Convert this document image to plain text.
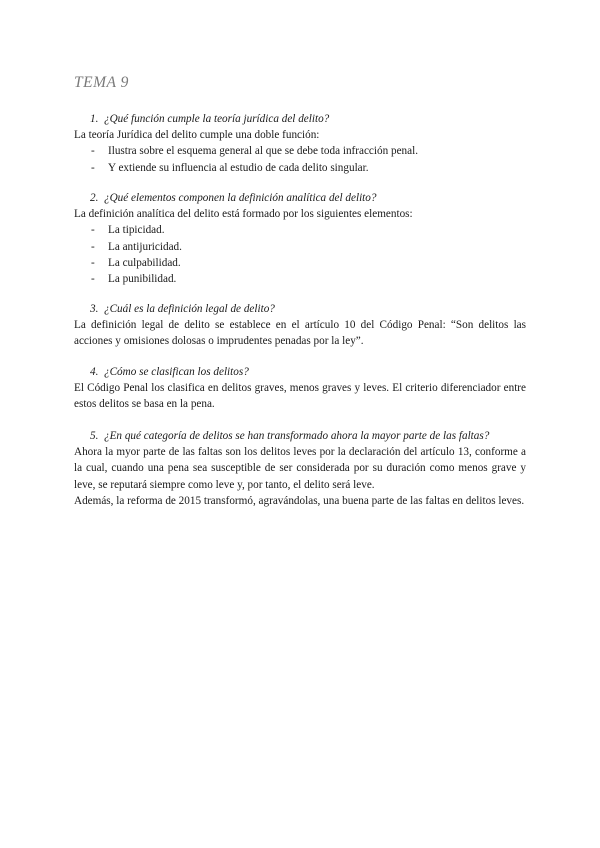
TEMA 9
1. ¿Qué función cumple la teoría jurídica del delito?
La teoría Jurídica del delito cumple una doble función:
- Ilustra sobre el esquema general al que se debe toda infracción penal.
- Y extiende su influencia al estudio de cada delito singular.
2. ¿Qué elementos componen la definición analítica del delito?
La definición analítica del delito está formado por los siguientes elementos:
- La tipicidad.
- La antijuricidad.
- La culpabilidad.
- La punibilidad.
3. ¿Cuál es la definición legal de delito?
La definición legal de delito se establece en el artículo 10 del Código Penal: “Son delitos las acciones y omisiones dolosas o imprudentes penadas por la ley”.
4. ¿Cómo se clasifican los delitos?
El Código Penal los clasifica en delitos graves, menos graves y leves. El criterio diferenciador entre estos delitos se basa en la pena.
5. ¿En qué categoría de delitos se han transformado ahora la mayor parte de las faltas?
Ahora la myor parte de las faltas son los delitos leves por la declaración del artículo 13, conforme a la cual, cuando una pena sea susceptible de ser considerada por su duración como menos grave y leve, se reputará siempre como leve y, por tanto, el delito será leve.
Además, la reforma de 2015 transformó, agravándolas, una buena parte de las faltas en delitos leves.
